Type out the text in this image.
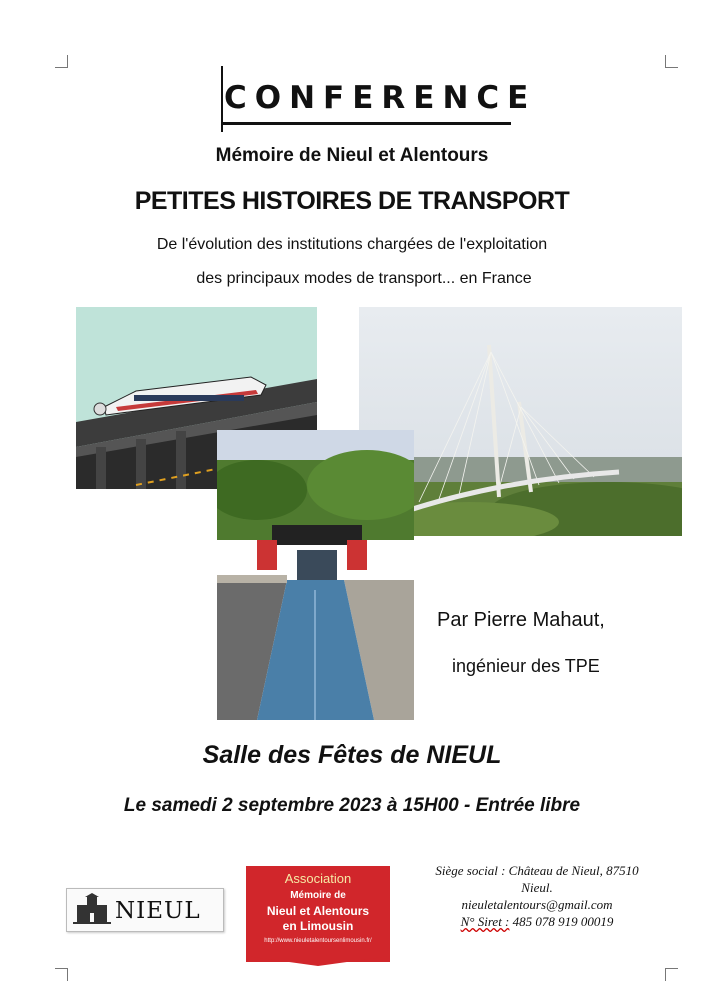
CONFERENCE
Mémoire de Nieul et Alentours
PETITES HISTOIRES DE TRANSPORT
De l'évolution des institutions chargées de l'exploitation
des principaux modes de transport... en France
Par Pierre Mahaut,
ingénieur des TPE
Salle des Fêtes de NIEUL
Le samedi 2 septembre 2023 à 15H00 - Entrée libre
NIEUL
Association
Mémoire de
Nieul et Alentours
en Limousin
http://www.nieuletalentoursenlimousin.fr/
Siège social : Château de Nieul, 87510
Nieul.
nieuletalentours@gmail.com
N° Siret : 485 078 919 00019
